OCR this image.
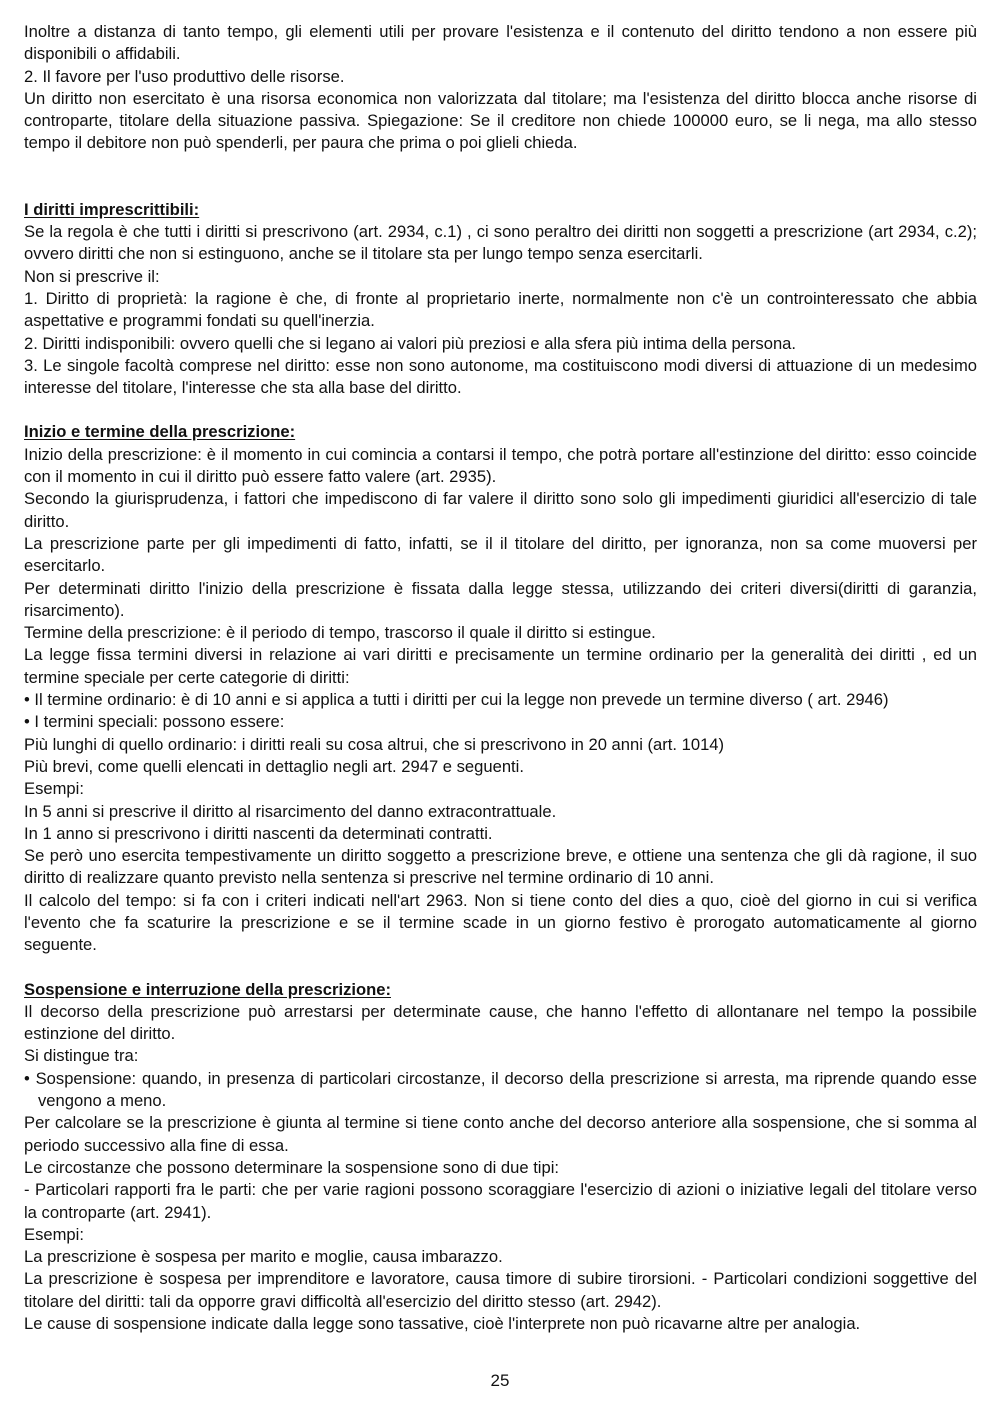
Inoltre a distanza di tanto tempo, gli elementi utili per provare l'esistenza e il contenuto del diritto tendono a non essere più disponibili o affidabili.

2. Il favore per l'uso produttivo delle risorse.

Un diritto non esercitato è una risorsa economica non valorizzata dal titolare; ma l'esistenza del diritto blocca anche risorse di controparte, titolare della situazione passiva. Spiegazione: Se il creditore non chiede 100000 euro, se li nega, ma allo stesso tempo il debitore non può spenderli, per paura che prima o poi glieli chieda.

I diritti imprescrittibili:

Se la regola è che tutti i diritti si prescrivono (art. 2934, c.1) , ci sono peraltro dei diritti non soggetti a prescrizione (art 2934, c.2); ovvero diritti che non si estinguono, anche se il titolare sta per lungo tempo senza esercitarli.

Non si prescrive il:

1. Diritto di proprietà: la ragione è che, di fronte al proprietario inerte, normalmente non c'è un controinteressato che abbia aspettative e programmi fondati su quell'inerzia.

2. Diritti indisponibili: ovvero quelli che si legano ai valori più preziosi e alla sfera più intima della persona.

3. Le singole facoltà comprese nel diritto: esse non sono autonome, ma costituiscono modi diversi di attuazione di un medesimo interesse del titolare, l'interesse che sta alla base del diritto.

Inizio e termine della prescrizione:

Inizio della prescrizione: è il momento in cui comincia a contarsi il tempo, che potrà portare all'estinzione del diritto: esso coincide con il momento in cui il diritto può essere fatto valere (art. 2935).

Secondo la giurisprudenza, i fattori che impediscono di far valere il diritto sono solo gli impedimenti giuridici all'esercizio di tale diritto.

La prescrizione parte per gli impedimenti di fatto, infatti, se il il titolare del diritto, per ignoranza, non sa come muoversi per esercitarlo.

Per determinati diritto l'inizio della prescrizione è fissata dalla legge stessa, utilizzando dei criteri diversi(diritti di garanzia, risarcimento).

Termine della prescrizione: è il periodo di tempo, trascorso il quale il diritto si estingue.

La legge fissa termini diversi in relazione ai vari diritti e precisamente un termine ordinario per la generalità dei diritti , ed un termine speciale per certe categorie di diritti:

• Il termine ordinario: è di 10 anni e si applica a tutti i diritti per cui la legge non prevede un termine diverso ( art. 2946)

• I termini speciali: possono essere:

Più lunghi di quello ordinario: i diritti reali su cosa altrui, che si prescrivono in 20 anni (art. 1014)

Più brevi, come quelli elencati in dettaglio negli art. 2947 e seguenti.

Esempi:

In 5 anni si prescrive il diritto al risarcimento del danno extracontrattuale.

In 1 anno si prescrivono i diritti nascenti da determinati contratti.

Se però uno esercita tempestivamente un diritto soggetto a prescrizione breve, e ottiene una sentenza che gli dà ragione, il suo diritto di realizzare quanto previsto nella sentenza si prescrive nel termine ordinario di 10 anni.

Il calcolo del tempo: si fa con i criteri indicati nell'art 2963. Non si tiene conto del dies a quo, cioè del giorno in cui si verifica l'evento che fa scaturire la prescrizione e se il termine scade in un giorno festivo è prorogato automaticamente al giorno seguente.

Sospensione e interruzione della prescrizione:

Il decorso della prescrizione può arrestarsi per determinate cause, che hanno l'effetto di allontanare nel tempo la possibile estinzione del diritto.

Si distingue tra:

• Sospensione: quando, in presenza di particolari circostanze, il decorso della prescrizione si arresta, ma riprende quando esse vengono a meno.

Per calcolare se la prescrizione è giunta al termine si tiene conto anche del decorso anteriore alla sospensione, che si somma al periodo successivo alla fine di essa.

Le circostanze che possono determinare la sospensione sono di due tipi:

- Particolari rapporti fra le parti: che per varie ragioni possono scoraggiare l'esercizio di azioni o iniziative legali del titolare verso la controparte (art. 2941).

Esempi:

La prescrizione è sospesa per marito e moglie, causa imbarazzo.

La prescrizione è sospesa per imprenditore e lavoratore, causa timore di subire tirorsioni. - Particolari condizioni soggettive del titolare del diritti: tali da opporre gravi difficoltà all'esercizio del diritto stesso (art. 2942).

Le cause di sospensione indicate dalla legge sono tassative, cioè l'interprete non può ricavarne altre per analogia.

25
